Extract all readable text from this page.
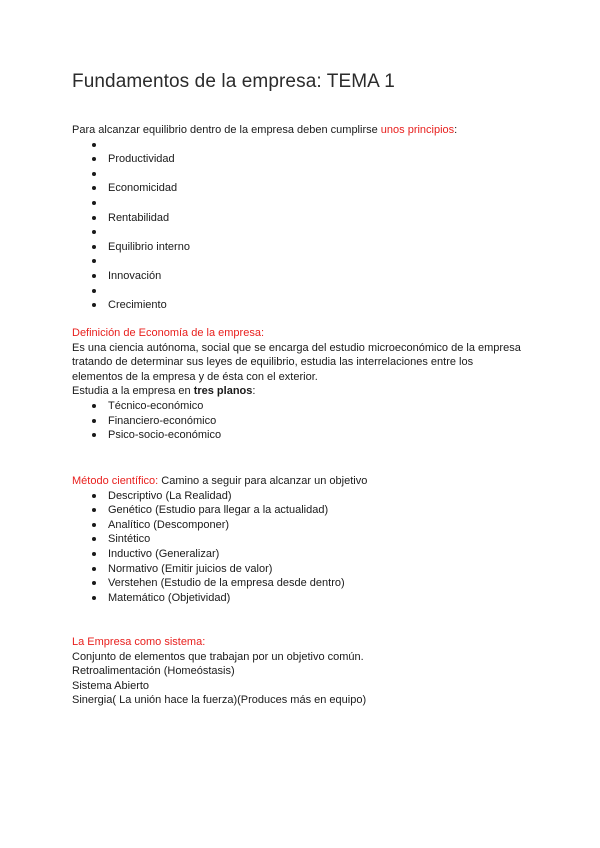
Fundamentos de la empresa: TEMA 1

Para alcanzar equilibrio dentro de la empresa deben cumplirse unos principios:

Productividad
Economicidad
Rentabilidad
Equilibrio interno
Innovación
Crecimiento

Definición de Economía de la empresa:

Es una ciencia autónoma, social que se encarga del estudio microeconómico de la empresa

tratando de determinar sus leyes de equilibrio, estudia las interrelaciones entre los

elementos de la empresa y de ésta con el exterior.

Estudia a la empresa en tres planos:

Técnico-económico
Financiero-económico
Psico-socio-económico

Método científico: Camino a seguir para alcanzar un objetivo

Descriptivo (La Realidad)
Genético (Estudio para llegar a la actualidad)
Analítico (Descomponer)
Sintético
Inductivo (Generalizar)
Normativo (Emitir juicios de valor)
Verstehen (Estudio de la empresa desde dentro)
Matemático (Objetividad)

La Empresa como sistema:

Conjunto de elementos que trabajan por un objetivo común.

Retroalimentación (Homeóstasis)

Sistema Abierto

Sinergia( La unión hace la fuerza)(Produces más en equipo)
